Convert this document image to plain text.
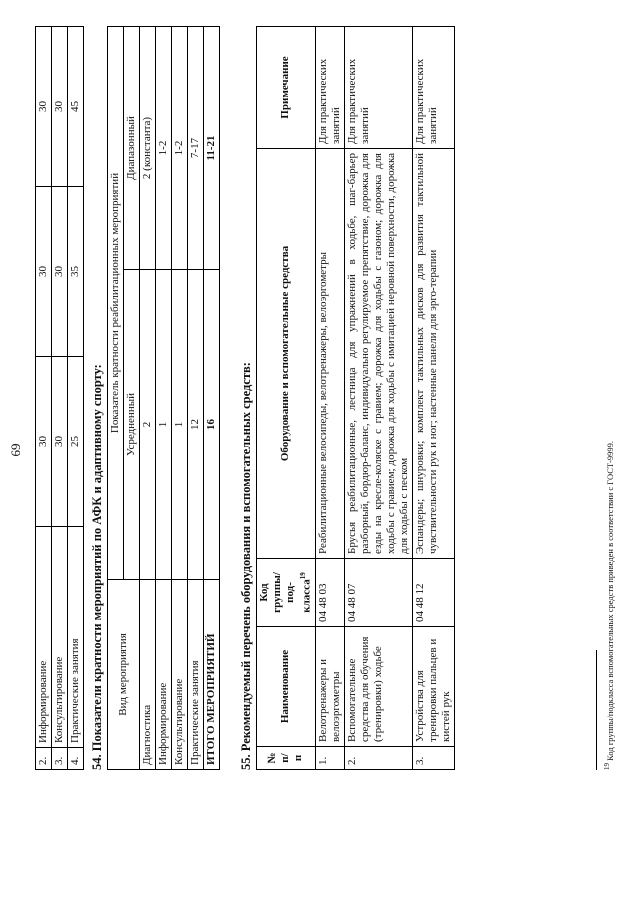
69
2.	Информирование	30	30	30
3.	Консультирование	30	30	30
4.	Практические занятия	25	35	45
54. Показатели кратности мероприятий по АФК и адаптивному спорту: Вид мероприятия	Показатель кратности реабилитационных мероприятий	
	Усредненный	Диапазонный
Диагностика	2	2 (константа)
Информирование	1	1-2
Консультирование	1	1-2
Практические занятия	12	7-17
ИТОГО МЕРОПРИЯТИЙ	16	11-21
55. Рекомендуемый перечень оборудования и вспомогательных средств: № п/п	Наименование	Код группы/под-класса$^{19}$	Оборудование и вспомогательные средства	Примечание
1.	Велотренажеры и велоэргометры	04 48 03	Реабилитационные велосипеды, велотренажеры, велоэргометры	Для практических занятий
2.	Вспомогательные средства для обучения (тренировки) ходьбе	04 48 07	Брусья реабилитационные, лестница для упражнений в ходьбе, шаг-барьер разборный, бордюр-баланс, индивидуально регулируемое препятствие, дорожка для езды на кресле-коляске с гравием; дорожка для ходьбы с газоном; дорожка для ходьбы с гравием; дорожка для ходьбы с имитацией неровной поверхности, дорожка для ходьбы с песком	Для практических занятий
3.	Устройства для тренировки пальцев и кистей рук	04 48 12	Эспандеры; шнуровки; комплект тактильных дисков для развития тактильной чувствительности рук и ног; настенные панели для эрго-терапии	Для практических занятий
$^{19}$ Код группы/подкласса вспомогательных средств приведен в соответствии с ГОСТ-9999.
